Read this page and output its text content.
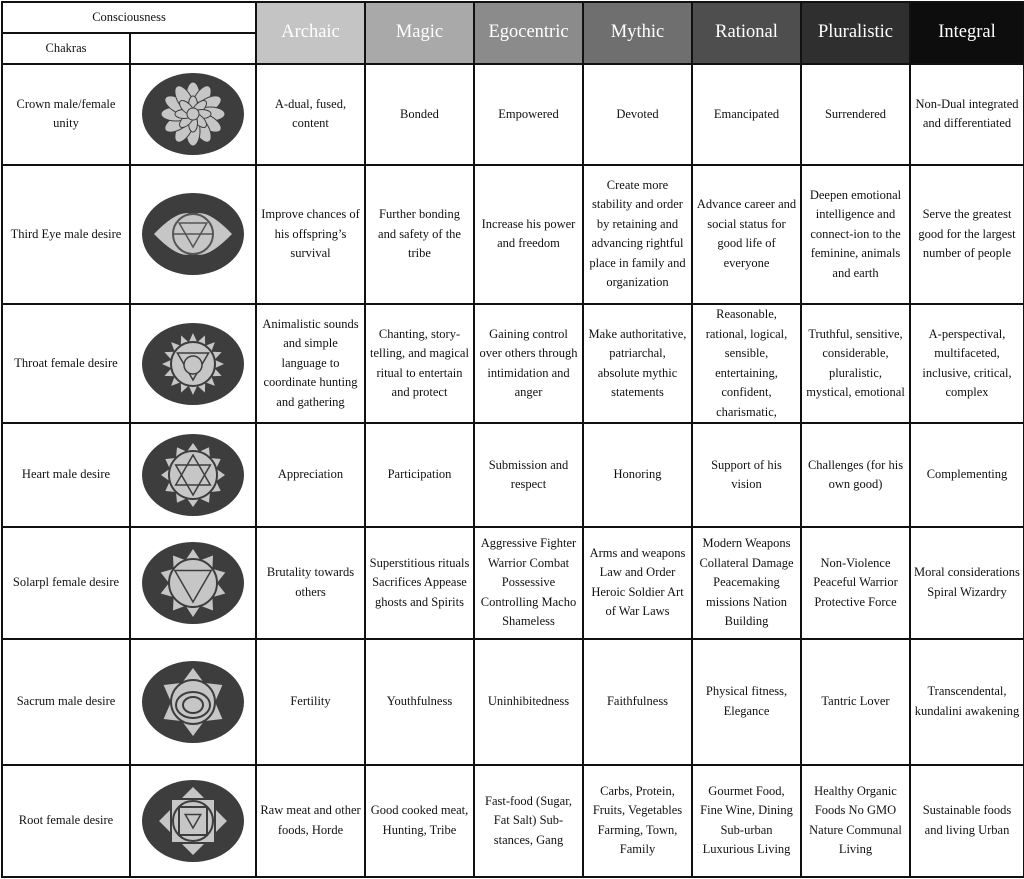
Consciousness		Archaic	Magic	Egocentric	Mythic	Rational	Pluralistic	Integral
Chakras								
Crown male/female unity		A-dual, fused, content	Bonded	Empowered	Devoted	Emancipated	Surrendered	Non-Dual integrated and differentiated
Third Eye male desire		Improve chances of his offspring’s survival	Further bonding and safety of the tribe	Increase his power and freedom	Create more stability and order by retaining and advancing rightful place in family and organization	Advance career and social status for good life of everyone	Deepen emotional intelligence and connect-ion to the feminine, animals and earth	Serve the greatest good for the largest number of people
Throat female desire		Animalistic sounds and simple language to coordinate hunting and gathering	Chanting, story-telling, and magical ritual to entertain and protect	Gaining control over others through intimidation and anger	Make authoritative, patriarchal, absolute mythic statements	Reasonable, rational, logical, sensible, entertaining, confident, charismatic,	Truthful, sensitive, considerable, pluralistic, mystical, emotional	A-perspectival, multifaceted, inclusive, critical, complex
Heart male desire		Appreciation	Participation	Submission and respect	Honoring	Support of his vision	Challenges (for his own good)	Complementing
Solarpl female desire		Brutality towards others	Superstitious rituals Sacrifices Appease ghosts and Spirits	Aggressive Fighter Warrior Combat Possessive Controlling Macho Shameless	Arms and weapons Law and Order Heroic Soldier Art of War Laws	Modern Weapons Collateral Damage Peacemaking missions Nation Building	Non-Violence Peaceful Warrior Protective Force	Moral considerations Spiral Wizardry
Sacrum male desire		Fertility	Youthfulness	Uninhibitedness	Faithfulness	Physical fitness, Elegance	Tantric Lover	Transcendental, kundalini awakening
Root female desire		Raw meat and other foods, Horde	Good cooked meat, Hunting, Tribe	Fast-food (Sugar, Fat Salt) Sub-stances, Gang	Carbs, Protein, Fruits, Vegetables Farming, Town, Family	Gourmet Food, Fine Wine, Dining Sub-urban Luxurious Living	Healthy Organic Foods No GMO Nature Communal Living	Sustainable foods and living Urban
